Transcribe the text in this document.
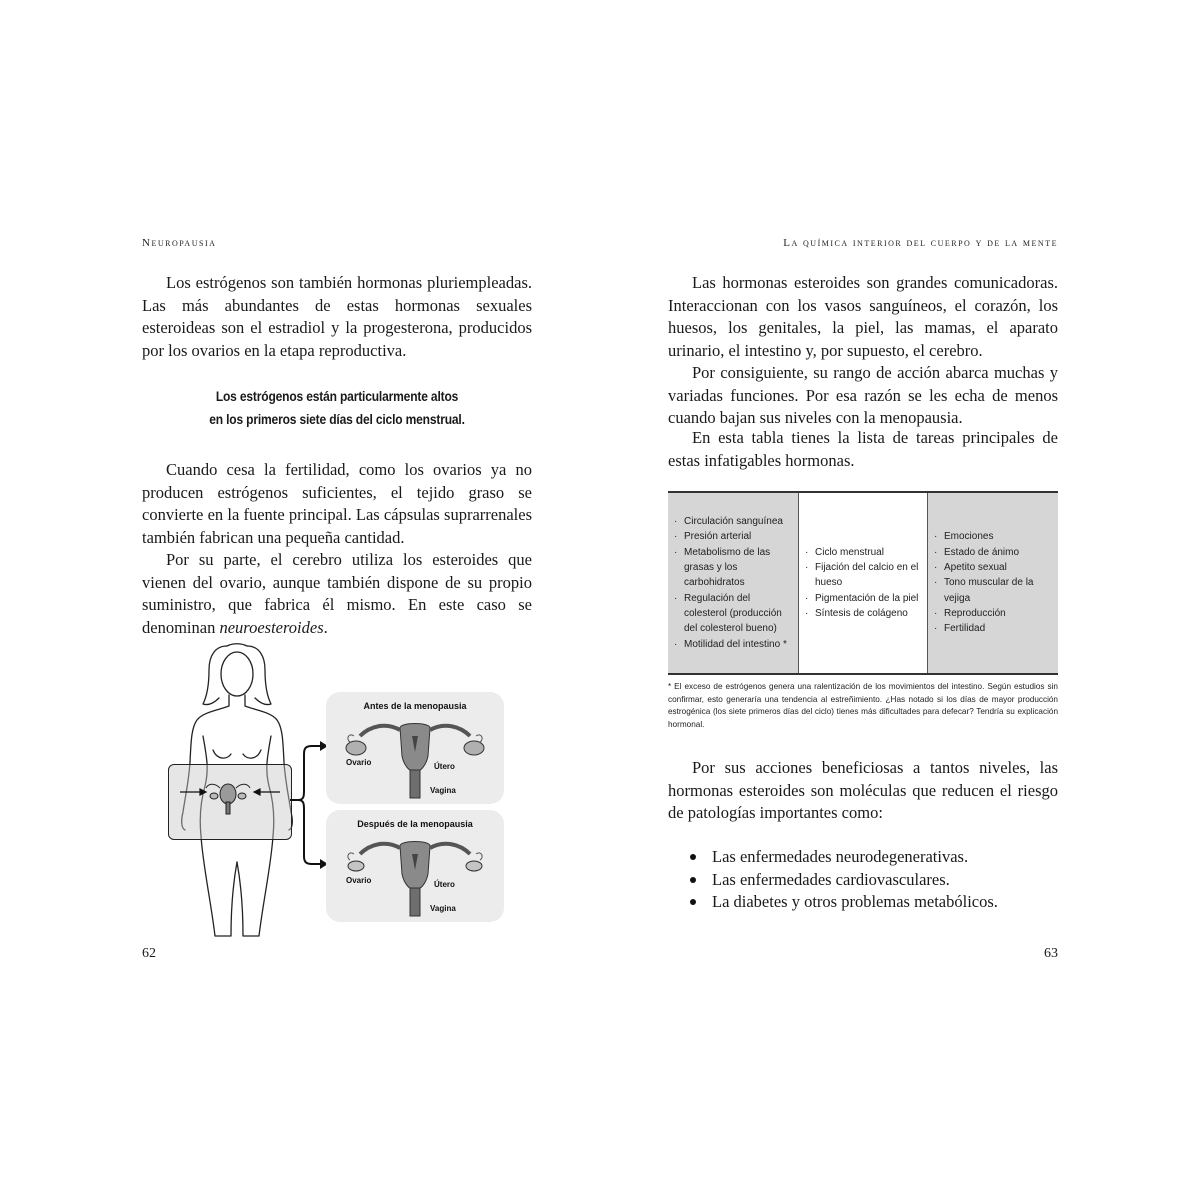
Neuropausia

Los estrógenos son también hormonas pluriempleadas. Las más abundantes de estas hormonas sexuales esteroideas son el estradiol y la progesterona, producidos por los ovarios en la etapa reproductiva.

Los estrógenos están particularmente altos
en los primeros siete días del ciclo menstrual.

Cuando cesa la fertilidad, como los ovarios ya no producen estrógenos suficientes, el tejido graso se convierte en la fuente principal. Las cápsulas suprarrenales también fabrican una pequeña cantidad.

Por su parte, el cerebro utiliza los esteroides que vienen del ovario, aunque también dispone de su propio suministro, que fabrica él mismo. En este caso se denominan neuroesteroides.

Antes de la menopausia
Ovario	Útero
Vagina
Después de la menopausia
Ovario	Útero
Vagina
62
La química interior del cuerpo y de la mente

Las hormonas esteroides son grandes comunicadoras. Interaccionan con los vasos sanguíneos, el corazón, los huesos, los genitales, la piel, las mamas, el aparato urinario, el intestino y, por supuesto, el cerebro.

Por consiguiente, su rango de acción abarca muchas y variadas funciones. Por esa razón se les echa de menos cuando bajan sus niveles con la menopausia.

En esta tabla tienes la lista de tareas principales de estas infatigables hormonas.

· Circulación sanguínea
· Presión arterial
· Metabolismo de las grasas y los carbohidratos
· Regulación del colesterol (producción del colesterol bueno)
· Motilidad del intestino *
· Ciclo menstrual
· Fijación del calcio en el hueso
· Pigmentación de la piel
· Síntesis de colágeno
· Emociones
· Estado de ánimo
· Apetito sexual
· Tono muscular de la vejiga
· Reproducción
· Fertilidad

* El exceso de estrógenos genera una ralentización de los movimientos del intestino. Según estudios sin confirmar, esto generaría una tendencia al estreñimiento. ¿Has notado si los días de mayor producción estrogénica (los siete primeros días del ciclo) tienes más dificultades para defecar? Tendría su explicación hormonal.

Por sus acciones beneficiosas a tantos niveles, las hormonas esteroides son moléculas que reducen el riesgo de patologías importantes como:

Las enfermedades neurodegenerativas.
Las enfermedades cardiovasculares.
La diabetes y otros problemas metabólicos.
63
